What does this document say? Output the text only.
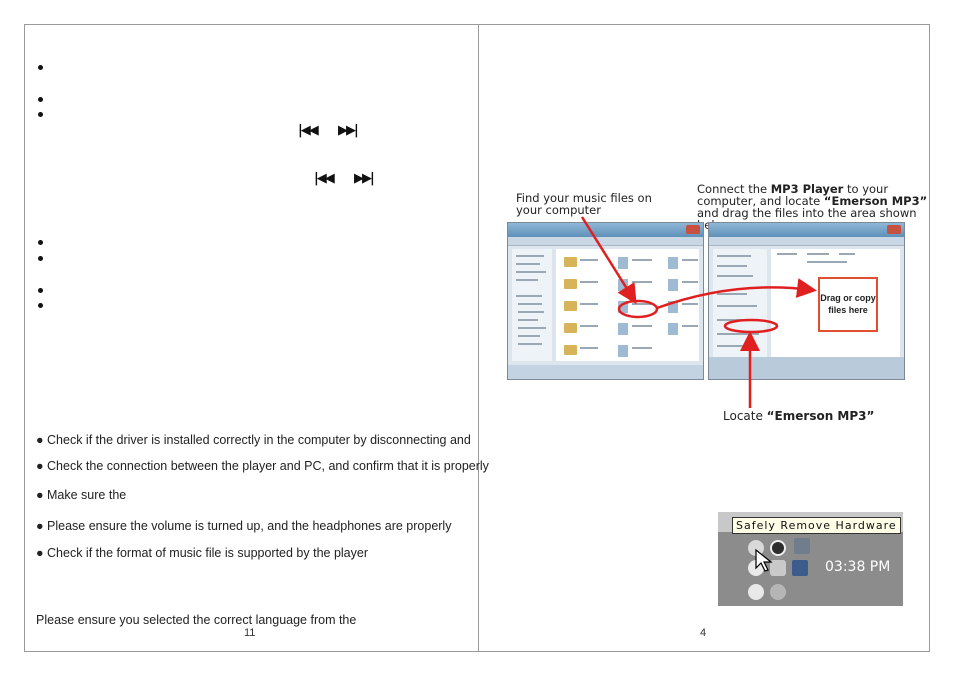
|◀◀ ▶▶|
|◀◀ ▶▶|
● Check if the driver is installed correctly in the computer by disconnecting and
● Check the connection between the player and PC, and confirm that it is properly
● Make sure the
● Please ensure the volume is turned up, and the headphones are properly
● Check if the format of music file is supported by the player
Please ensure you selected the correct language from the
11
Find your music files on your computer
Connect the MP3 Player to your computer, and locate “Emerson MP3” and drag the files into the area shown
Drag or copy files here
Locate “Emerson MP3”
Safely Remove Hardware
03:38 PM
4
